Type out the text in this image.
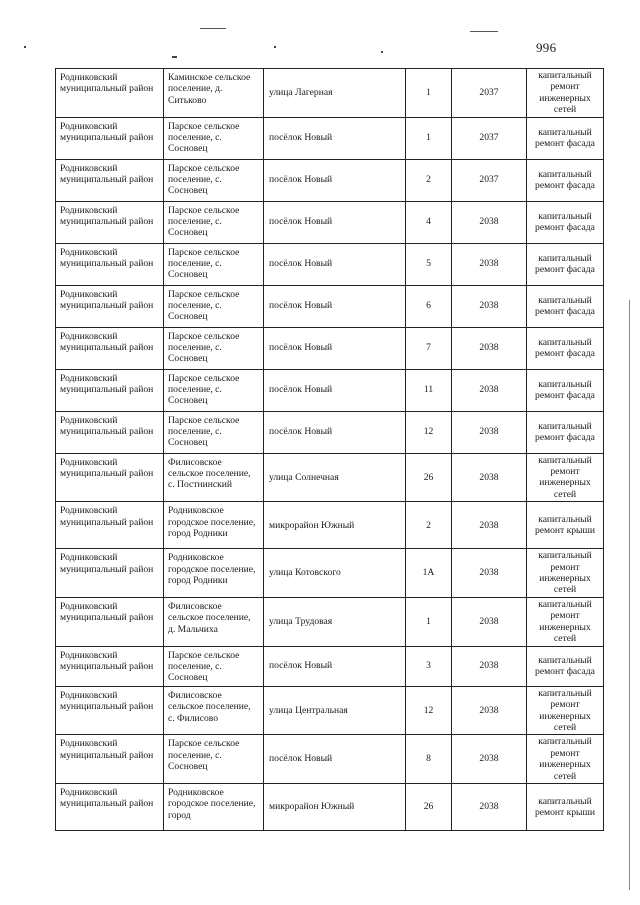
996
Родниковский муниципальный район	Каминское сельское поселение, д. Ситьково	улица Лагерная	1	2037	капитальный ремонт инженерных сетей
Родниковский муниципальный район	Парское сельское поселение, с. Сосновец	посёлок Новый	1	2037	капитальный ремонт фасада
Родниковский муниципальный район	Парское сельское поселение, с. Сосновец	посёлок Новый	2	2037	капитальный ремонт фасада
Родниковский муниципальный район	Парское сельское поселение, с. Сосновец	посёлок Новый	4	2038	капитальный ремонт фасада
Родниковский муниципальный район	Парское сельское поселение, с. Сосновец	посёлок Новый	5	2038	капитальный ремонт фасада
Родниковский муниципальный район	Парское сельское поселение, с. Сосновец	посёлок Новый	6	2038	капитальный ремонт фасада
Родниковский муниципальный район	Парское сельское поселение, с. Сосновец	посёлок Новый	7	2038	капитальный ремонт фасада
Родниковский муниципальный район	Парское сельское поселение, с. Сосновец	посёлок Новый	11	2038	капитальный ремонт фасада
Родниковский муниципальный район	Парское сельское поселение, с. Сосновец	посёлок Новый	12	2038	капитальный ремонт фасада
Родниковский муниципальный район	Филисовское сельское поселение, с. Постнинский	улица Солнечная	26	2038	капитальный ремонт инженерных сетей
Родниковский муниципальный район	Родниковское городское поселение, город Родники	микрорайон Южный	2	2038	капитальный ремонт крыши
Родниковский муниципальный район	Родниковское городское поселение, город Родники	улица Котовского	1А	2038	капитальный ремонт инженерных сетей
Родниковский муниципальный район	Филисовское сельское поселение, д. Мальчиха	улица Трудовая	1	2038	капитальный ремонт инженерных сетей
Родниковский муниципальный район	Парское сельское поселение, с. Сосновец	посёлок Новый	3	2038	капитальный ремонт фасада
Родниковский муниципальный район	Филисовское сельское поселение, с. Филисово	улица Центральная	12	2038	капитальный ремонт инженерных сетей
Родниковский муниципальный район	Парское сельское поселение, с. Сосновец	посёлок Новый	8	2038	капитальный ремонт инженерных сетей
Родниковский муниципальный район	Родниковское городское поселение, город	микрорайон Южный	26	2038	капитальный ремонт крыши
